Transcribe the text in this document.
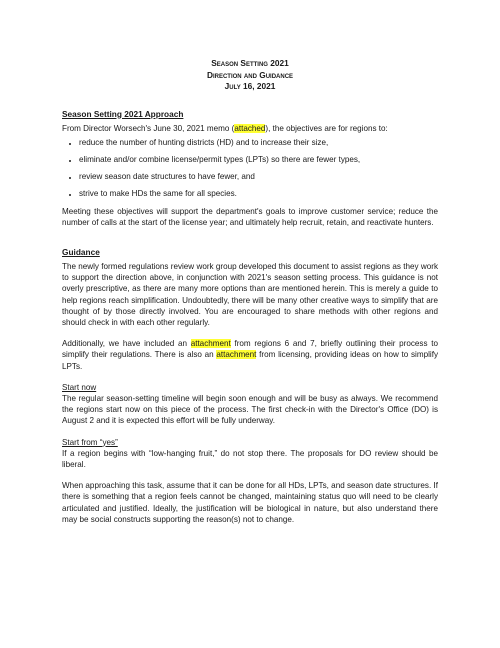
Season Setting 2021
Direction and Guidance
July 16, 2021
Season Setting 2021 Approach

From Director Worsech's June 30, 2021 memo (attached), the objectives are for regions to:

• reduce the number of hunting districts (HD) and to increase their size,
• eliminate and/or combine license/permit types (LPTs) so there are fewer types,
• review season date structures to have fewer, and
• strive to make HDs the same for all species.

Meeting these objectives will support the department's goals to improve customer service; reduce the number of calls at the start of the license year; and ultimately help recruit, retain, and reactivate hunters.

Guidance

The newly formed regulations review work group developed this document to assist regions as they work to support the direction above, in conjunction with 2021's season setting process. This guidance is not overly prescriptive, as there are many more options than are mentioned herein. This is merely a guide to help regions reach simplification. Undoubtedly, there will be many other creative ways to simplify that are thought of by those directly involved. You are encouraged to share methods with other regions and should check in with each other regularly.

Additionally, we have included an attachment from regions 6 and 7, briefly outlining their process to simplify their regulations. There is also an attachment from licensing, providing ideas on how to simplify LPTs.

Start now

The regular season-setting timeline will begin soon enough and will be busy as always. We recommend the regions start now on this piece of the process. The first check-in with the Director's Office (DO) is August 2 and it is expected this effort will be fully underway.

Start from “yes”

If a region begins with “low-hanging fruit,” do not stop there. The proposals for DO review should be liberal.

When approaching this task, assume that it can be done for all HDs, LPTs, and season date structures. If there is something that a region feels cannot be changed, maintaining status quo will need to be clearly articulated and justified. Ideally, the justification will be biological in nature, but also understand there may be social constructs supporting the reason(s) not to change.
